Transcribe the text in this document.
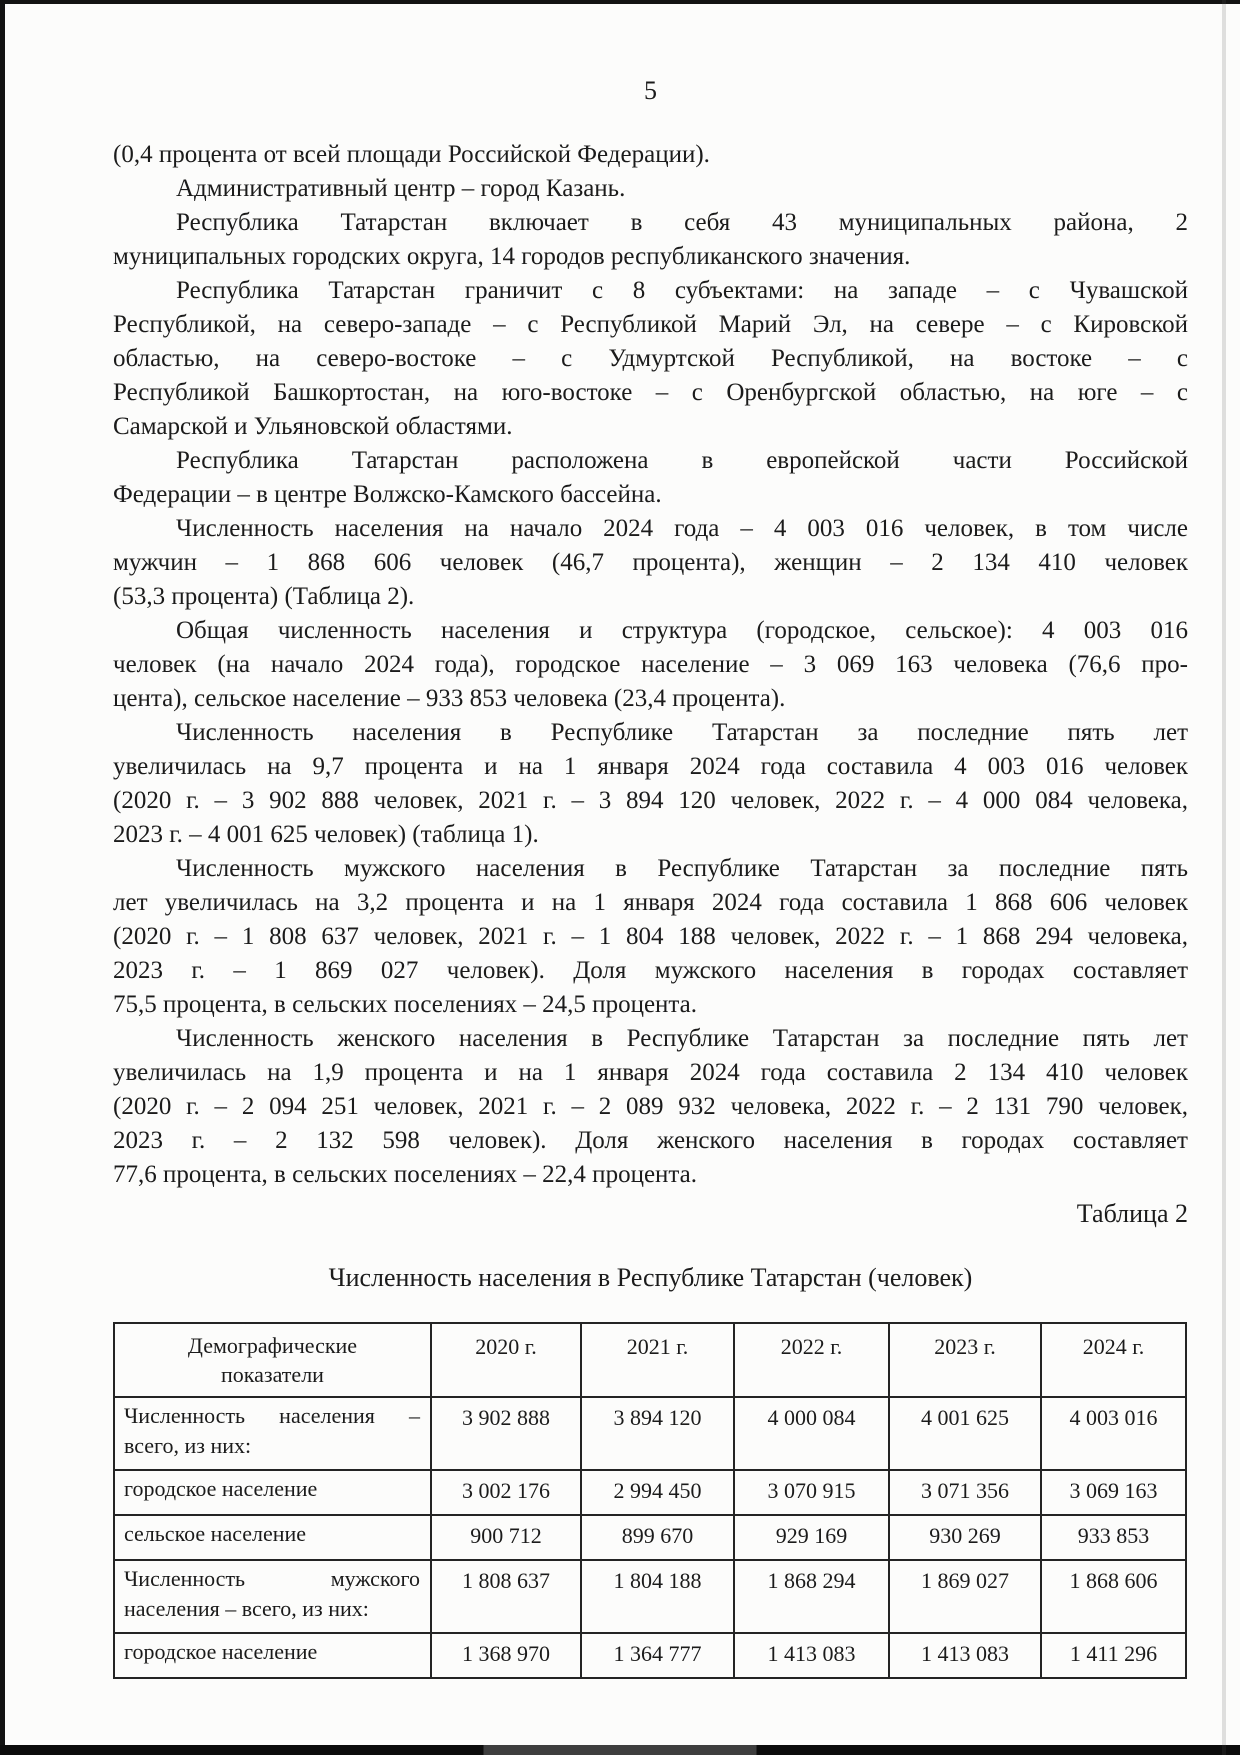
5
(0,4 процента от всей площади Российской Федерации).
Административный центр – город Казань.
Республика Татарстан включает в себя 43 муниципальных района, 2
муниципальных городских округа, 14 городов республиканского значения.
Республика Татарстан граничит с 8 субъектами: на западе – с Чувашской
Республикой, на северо-западе – с Республикой Марий Эл, на севере – с Кировской
областью, на северо-востоке – с Удмуртской Республикой, на востоке – с
Республикой Башкортостан, на юго-востоке – с Оренбургской областью, на юге – с
Самарской и Ульяновской областями.
Республика Татарстан расположена в европейской части Российской
Федерации – в центре Волжско-Камского бассейна.
Численность населения на начало 2024 года – 4 003 016 человек, в том числе
мужчин – 1 868 606 человек (46,7 процента), женщин – 2 134 410 человек
(53,3 процента) (Таблица 2).
Общая численность населения и структура (городское, сельское): 4 003 016
человек (на начало 2024 года), городское население – 3 069 163 человека (76,6 про-
цента), сельское население – 933 853 человека (23,4 процента).
Численность населения в Республике Татарстан за последние пять лет
увеличилась на 9,7 процента и на 1 января 2024 года составила 4 003 016 человек
(2020 г. – 3 902 888 человек, 2021 г. – 3 894 120 человек, 2022 г. – 4 000 084 человека,
2023 г. – 4 001 625 человек) (таблица 1).
Численность мужского населения в Республике Татарстан за последние пять
лет увеличилась на 3,2 процента и на 1 января 2024 года составила 1 868 606 человек
(2020 г. – 1 808 637 человек, 2021 г. – 1 804 188 человек, 2022 г. – 1 868 294 человека,
2023 г. – 1 869 027 человек). Доля мужского населения в городах составляет
75,5 процента, в сельских поселениях – 24,5 процента.
Численность женского населения в Республике Татарстан за последние пять лет
увеличилась на 1,9 процента и на 1 января 2024 года составила 2 134 410 человек
(2020 г. – 2 094 251 человек, 2021 г. – 2 089 932 человека, 2022 г. – 2 131 790 человек,
2023 г. – 2 132 598 человек). Доля женского населения в городах составляет
77,6 процента, в сельских поселениях – 22,4 процента.
Таблица 2
Численность населения в Республике Татарстан (человек)
Демографические
показатели	2020 г.	2021 г.	2022 г.	2023 г.	2024 г.

Численность населения –
всего, из них:	3 902 888	3 894 120	4 000 084	4 001 625	4 003 016

городское население	3 002 176	2 994 450	3 070 915	3 071 356	3 069 163

сельское население	900 712	899 670	929 169	930 269	933 853

Численность мужского
населения – всего, из них:	1 808 637	1 804 188	1 868 294	1 869 027	1 868 606

городское население	1 368 970	1 364 777	1 413 083	1 413 083	1 411 296
